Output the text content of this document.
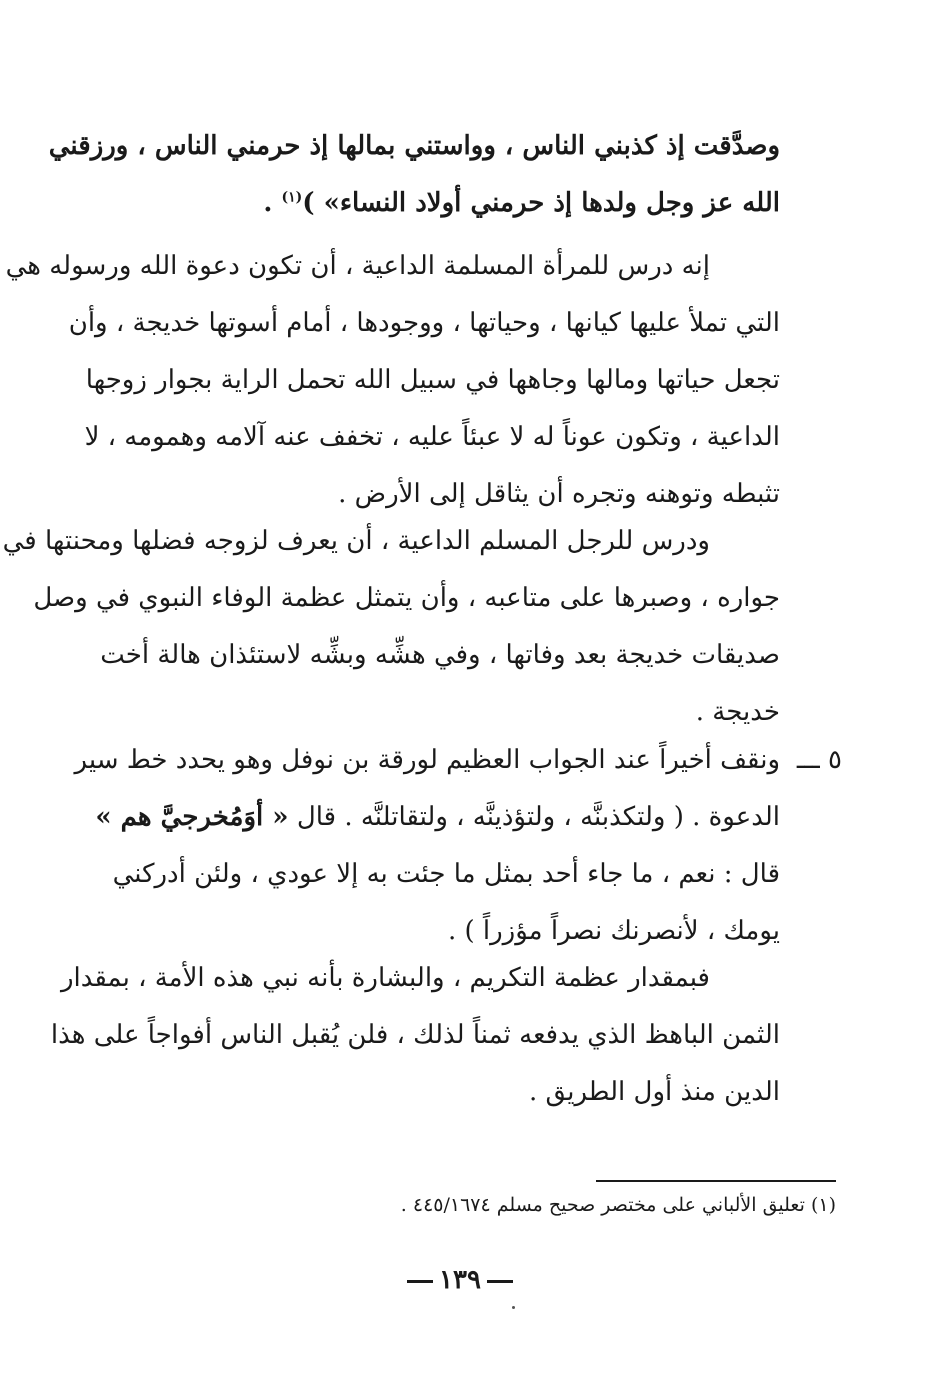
وصدَّقت إذ كذبني الناس ، وواستني بمالها إذ حرمني الناس ، ورزقني
الله عز وجل ولدها إذ حرمني أولاد النساء» )$^{(١)}$ .
إنه درس للمرأة المسلمة الداعية ، أن تكون دعوة الله ورسوله هي
التي تملأ عليها كيانها ، وحياتها ، ووجودها ، أمام أسوتها خديجة ، وأن
تجعل حياتها ومالها وجاهها في سبيل الله تحمل الراية بجوار زوجها
الداعية ، وتكون عوناً له لا عبئاً عليه ، تخفف عنه آلامه وهمومه ، لا
تثبطه وتوهنه وتجره أن يثاقل إلى الأرض .
ودرس للرجل المسلم الداعية ، أن يعرف لزوجه فضلها ومحنتها في
جواره ، وصبرها على متاعبه ، وأن يتمثل عظمة الوفاء النبوي في وصل
صديقات خديجة بعد وفاتها ، وفي هشِّه وبشِّه لاستئذان هالة أخت
خديجة .
٥ ـــ
ونقف أخيراً عند الجواب العظيم لورقة بن نوفل وهو يحدد خط سير
الدعوة . ( ولتكذبنَّه ، ولتؤذينَّه ، ولتقاتلنَّه . قال « أوَمُخرجيَّ هم »
قال : نعم ، ما جاء أحد بمثل ما جئت به إلا عودي ، ولئن أدركني
يومك ، لأنصرنك نصراً مؤزراً ) .
فبمقدار عظمة التكريم ، والبشارة بأنه نبي هذه الأمة ، بمقدار
الثمن الباهظ الذي يدفعه ثمناً لذلك ، فلن يُقبل الناس أفواجاً على هذا
الدين منذ أول الطريق .
(١) تعليق الألباني على مختصر صحيح مسلم ٤٤٥/١٦٧٤ .
١٣٩
